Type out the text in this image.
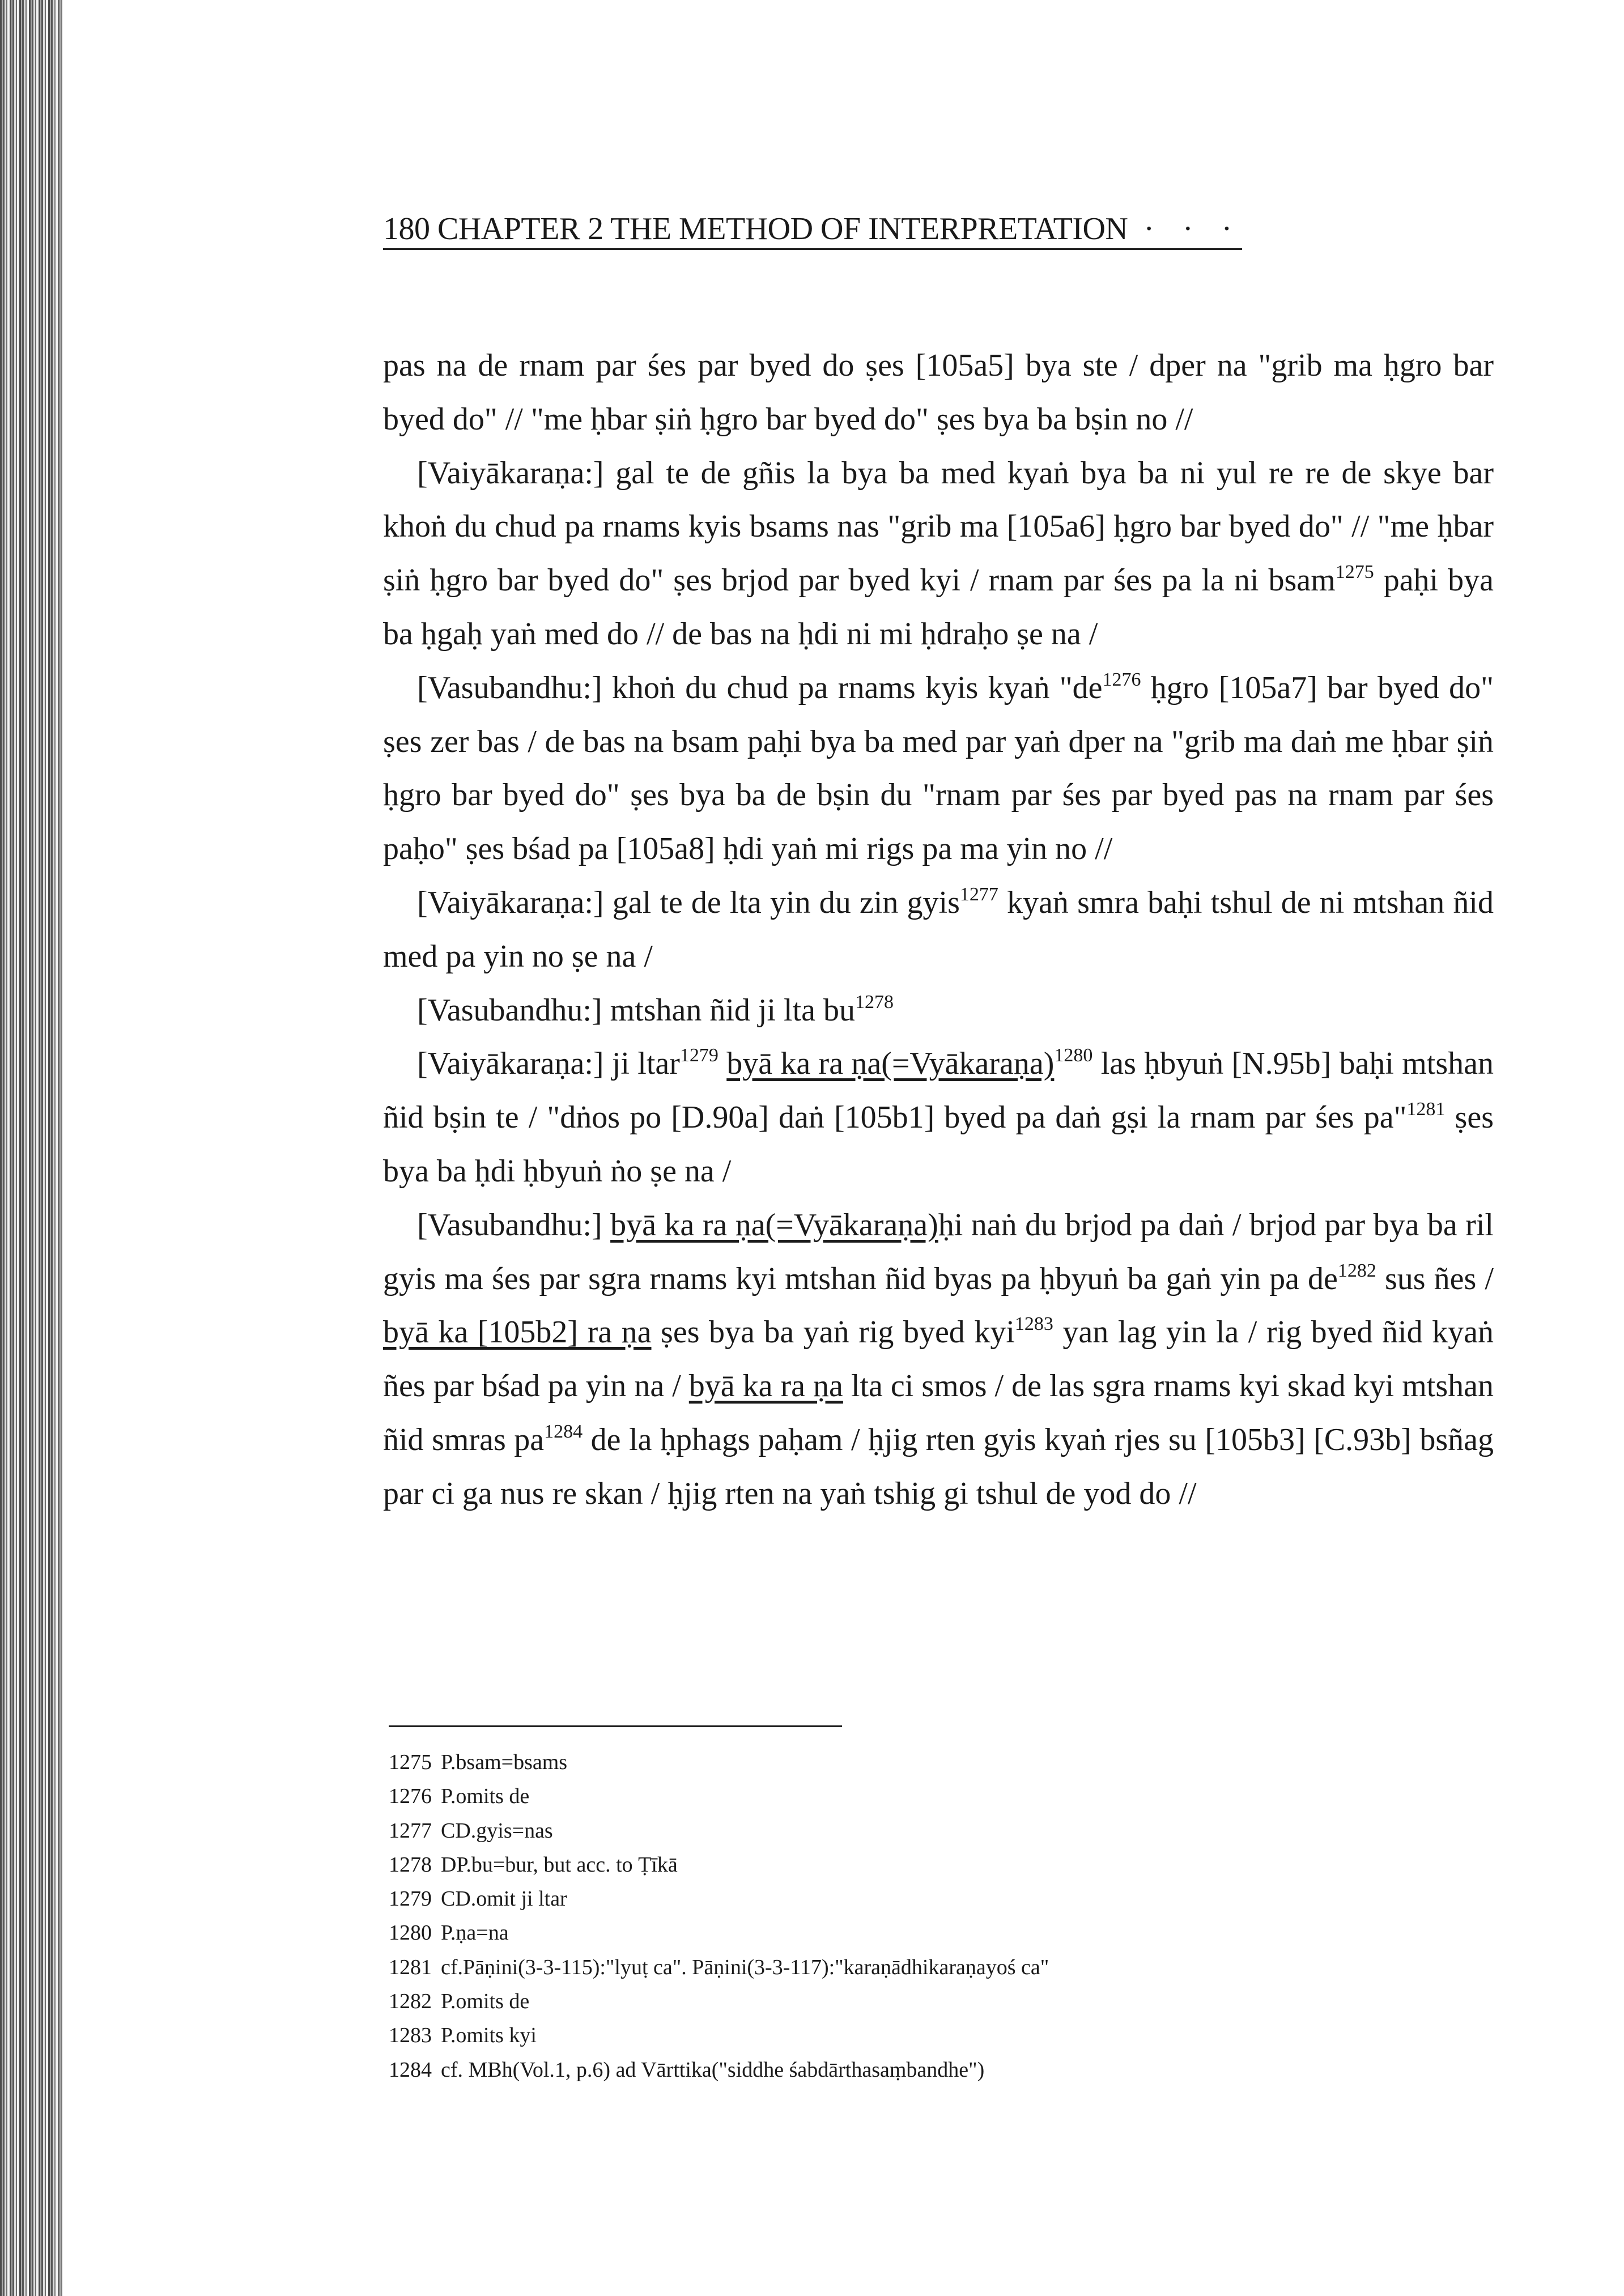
180 CHAPTER 2 THE METHOD OF INTERPRETATION · · ·

pas na de rnam par śes par byed do ṣes [105a5] bya ste / dper na "grib ma ḥgro bar byed do" // "me ḥbar ṣiṅ ḥgro bar byed do" ṣes bya ba bṣin no //

[Vaiyākaraṇa:] gal te de gñis la bya ba med kyaṅ bya ba ni yul re re de skye bar khoṅ du chud pa rnams kyis bsams nas "grib ma [105a6] ḥgro bar byed do" // "me ḥbar ṣiṅ ḥgro bar byed do" ṣes brjod par byed kyi / rnam par śes pa la ni bsam$^{1275}$ paḥi bya ba ḥgaḥ yaṅ med do // de bas na ḥdi ni mi ḥdraḥo ṣe na /

[Vasubandhu:] khoṅ du chud pa rnams kyis kyaṅ "$de^{1276}$ ḥgro [105a7] bar byed do" ṣes zer bas / de bas na bsam paḥi bya ba med par yaṅ dper na "grib ma daṅ me ḥbar ṣiṅ ḥgro bar byed do" ṣes bya ba de bṣin du "rnam par śes par byed pas na rnam par śes paḥo" ṣes bśad pa [105a8] ḥdi yaṅ mi rigs pa ma yin no //

[Vaiyākaraṇa:] gal te de lta yin du zin gyis$^{1277}$ kyaṅ smra baḥi tshul de ni mtshan ñid med pa yin no ṣe na /

[Vasubandhu:] mtshan ñid ji lta $bu^{1278}$

[Vaiyākaraṇa:] ji ltar$^{1279}$ byā ka ra ṇa(=Vyākaraṇa)$^{1280}$ las ḥbyuṅ [N.95b] baḥi mtshan ñid bṣin te / "dṅos po [D.90a] daṅ [105b1] byed pa daṅ gṣi la rnam par śes pa"$^{1281}$ ṣes bya ba ḥdi ḥbyuṅ ṅo ṣe na /

[Vasubandhu:] byā ka ra ṇa(=Vyākaraṇa)ḥi naṅ du brjod pa daṅ / brjod par bya ba ril gyis ma śes par sgra rnams kyi mtshan ñid byas pa ḥbyuṅ ba gaṅ yin pa $de^{1282}$ sus ñes / byā ka [105b2] ra ṇa ṣes bya ba yaṅ rig byed kyi$^{1283}$ yan lag yin la / rig byed ñid kyaṅ ñes par bśad pa yin na / byā ka ra ṇa lta ci smos / de las sgra rnams kyi skad kyi mtshan ñid smras $pa^{1284}$ de la ḥphags paḥam / ḥjig rten gyis kyaṅ rjes su [105b3] [C.93b] bsñag par ci ga nus re skan / ḥjig rten na yaṅ tshig gi tshul de yod do //

1275 P.bsam=bsams
1276 P.omits de
1277 CD.gyis=nas
1278 DP.bu=bur, but acc. to Ṭīkā
1279 CD.omit ji ltar
1280 P.ṇa=na
1281 cf.Pāṇini(3-3-115):"lyuṭ ca". Pāṇini(3-3-117):"karaṇādhikaraṇayoś ca"
1282 P.omits de
1283 P.omits kyi
1284 cf. MBh(Vol.1, p.6) ad Vārttika("siddhe śabdārthasaṃbandhe")
